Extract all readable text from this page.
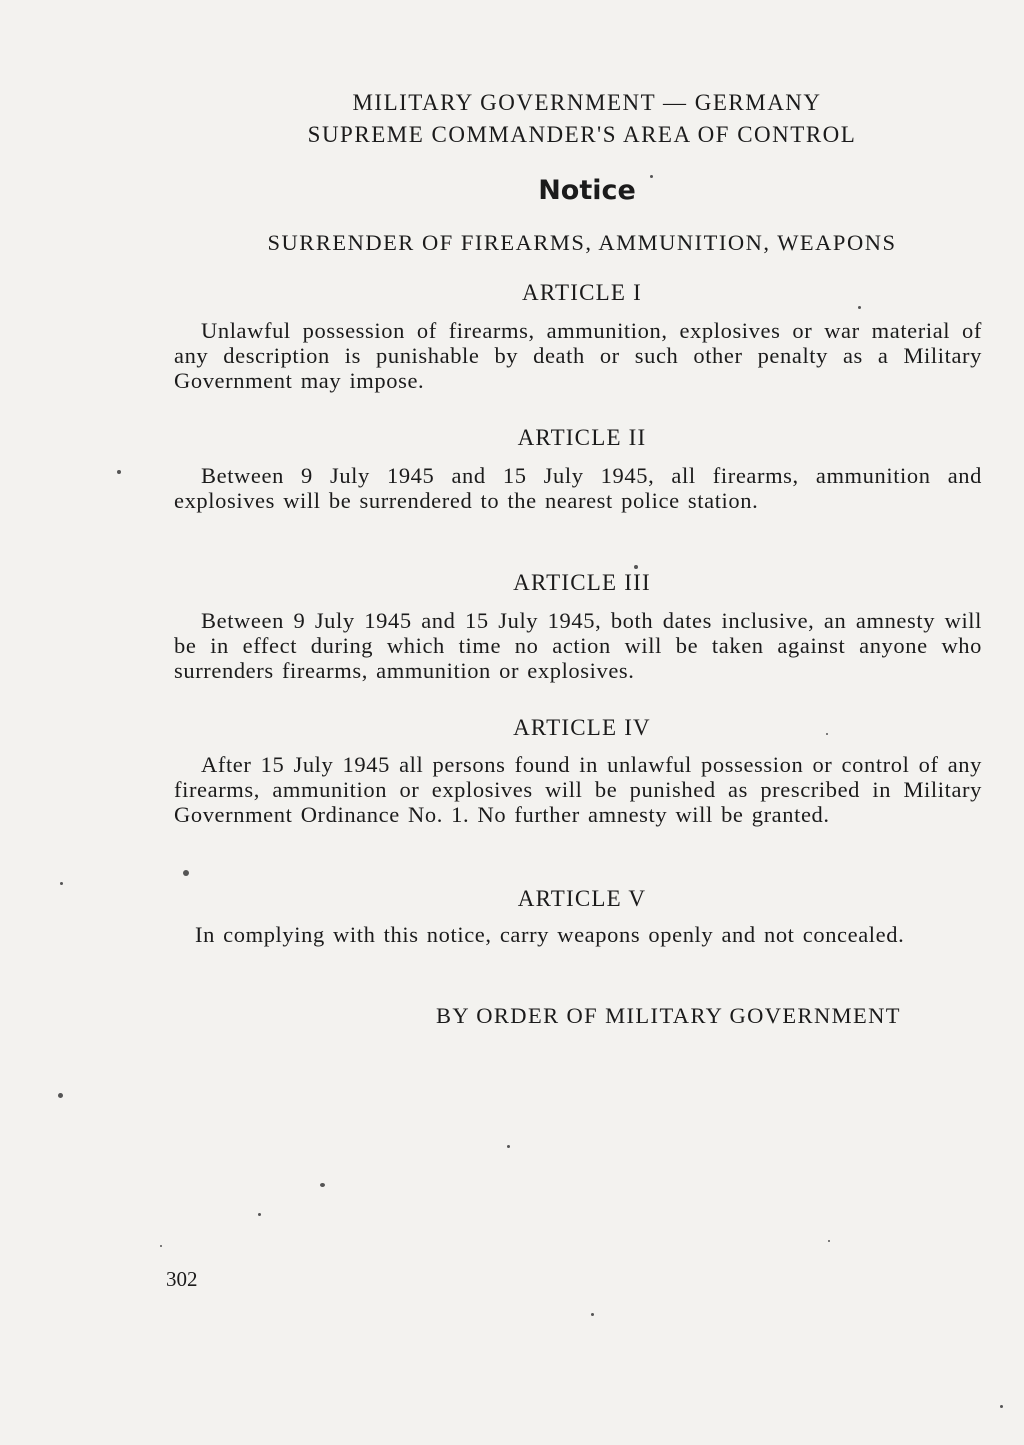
MILITARY GOVERNMENT — GERMANY
SUPREME COMMANDER'S AREA OF CONTROL
Notice
SURRENDER OF FIREARMS, AMMUNITION, WEAPONS
ARTICLE I
Unlawful possession of firearms, ammunition, explosives or war material of any description is punishable by death or such other penalty as a Military Government may impose.
ARTICLE II
Between 9 July 1945 and 15 July 1945, all firearms, ammunition and explosives will be surrendered to the nearest police station.
ARTICLE III
Between 9 July 1945 and 15 July 1945, both dates inclusive, an amnesty will be in effect during which time no action will be taken against anyone who surrenders firearms, ammunition or explosives.
ARTICLE IV
After 15 July 1945 all persons found in unlawful possession or control of any firearms, ammunition or explosives will be punished as prescribed in Military Government Ordinance No. 1. No further amnesty will be granted.
ARTICLE V
In complying with this notice, carry weapons openly and not concealed.
BY ORDER OF MILITARY GOVERNMENT
302
